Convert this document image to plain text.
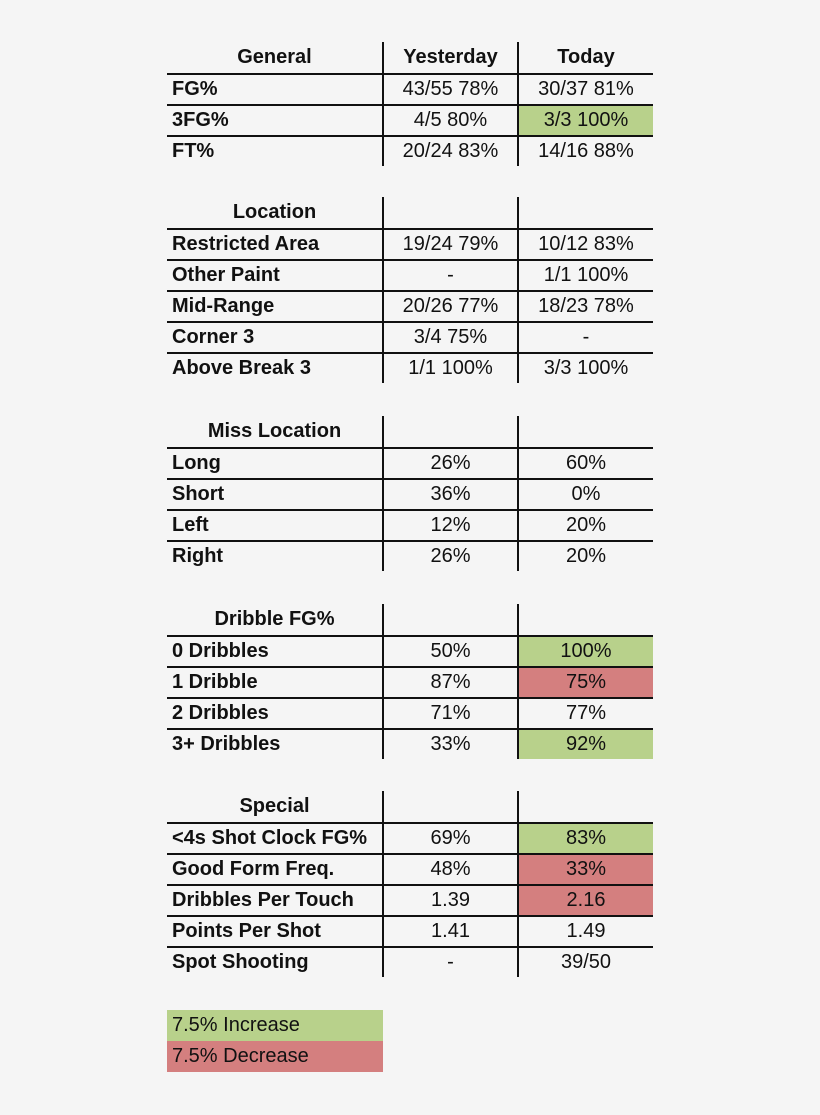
General	Yesterday	Today
FG%	43/55 78%	30/37 81%
3FG%	4/5 80%	3/3 100%
FT%	20/24 83%	14/16 88%
Location
Restricted Area	19/24 79%	10/12 83%
Other Paint	-	1/1 100%
Mid-Range	20/26 77%	18/23 78%
Corner 3	3/4 75%	-
Above Break 3	1/1 100%	3/3 100%
Miss Location
Long	26%	60%
Short	36%	0%
Left	12%	20%
Right	26%	20%
Dribble FG%
0 Dribbles	50%	100%
1 Dribble	87%	75%
2 Dribbles	71%	77%
3+ Dribbles	33%	92%
Special
<4s Shot Clock FG%	69%	83%
Good Form Freq.	48%	33%
Dribbles Per Touch	1.39	2.16
Points Per Shot	1.41	1.49
Spot Shooting	-	39/50
7.5% Increase
7.5% Decrease
